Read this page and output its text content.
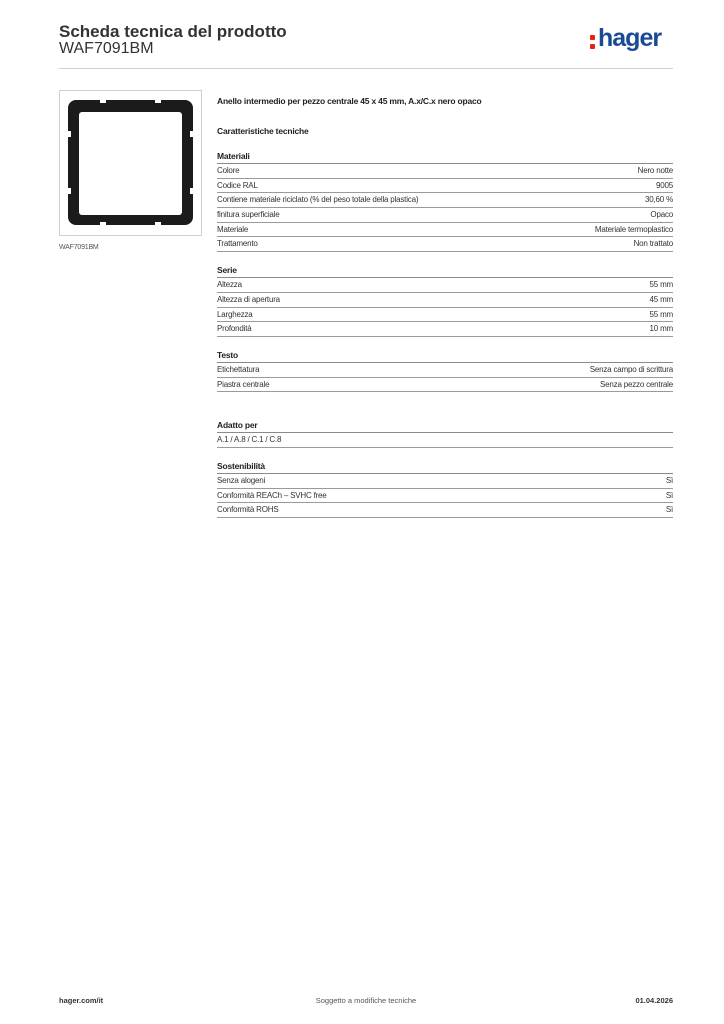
Scheda tecnica del prodotto
WAF7091BM	hager
WAF7091BM
Anello intermedio per pezzo centrale 45 x 45 mm, A.x/C.x nero opaco
Caratteristiche tecniche
Materiali
Colore	Nero notte
Codice RAL	9005
Contiene materiale riciclato (% del peso totale della plastica)	30,60 %
finitura superficiale	Opaco
Materiale	Materiale termoplastico
Trattamento	Non trattato
Serie
Altezza	55 mm
Altezza di apertura	45 mm
Larghezza	55 mm
Profondità	10 mm
Testo
Etichettatura	Senza campo di scrittura
Piastra centrale	Senza pezzo centrale
Adatto per
A.1 / A.8 / C.1 / C.8
Sostenibilità
Senza alogeni	Sì
Conformità REACh – SVHC free	Sì
Conformità ROHS	Sì
Soggetto a modifiche tecniche
hager.com/it	01.04.2026
